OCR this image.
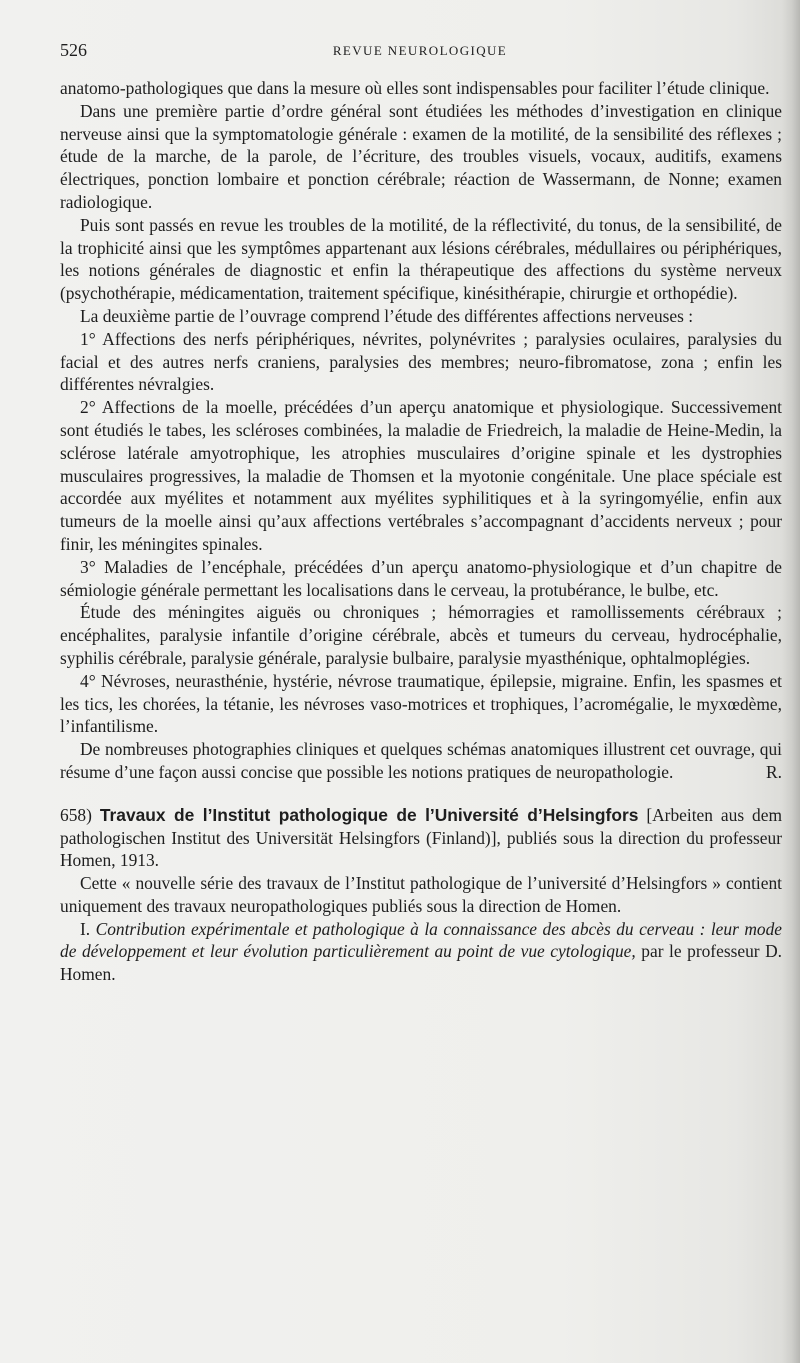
526	REVUE NEUROLOGIQUE

anatomo-pathologiques que dans la mesure où elles sont indispensables pour faciliter l’étude clinique.

Dans une première partie d’ordre général sont étudiées les méthodes d’investigation en clinique nerveuse ainsi que la symptomatologie générale : examen de la motilité, de la sensibilité des réflexes ; étude de la marche, de la parole, de l’écriture, des troubles visuels, vocaux, auditifs, examens électriques, ponction lombaire et ponction cérébrale; réaction de Wassermann, de Nonne; examen radiologique.

Puis sont passés en revue les troubles de la motilité, de la réflectivité, du tonus, de la sensibilité, de la trophicité ainsi que les symptômes appartenant aux lésions cérébrales, médullaires ou périphériques, les notions générales de diagnostic et enfin la thérapeutique des affections du système nerveux (psychothérapie, médicamentation, traitement spécifique, kinésithérapie, chirurgie et orthopédie).

La deuxième partie de l’ouvrage comprend l’étude des différentes affections nerveuses :

1° Affections des nerfs périphériques, névrites, polynévrites ; paralysies oculaires, paralysies du facial et des autres nerfs craniens, paralysies des membres; neuro-fibromatose, zona ; enfin les différentes névralgies.

2° Affections de la moelle, précédées d’un aperçu anatomique et physiologique. Successivement sont étudiés le tabes, les scléroses combinées, la maladie de Friedreich, la maladie de Heine-Medin, la sclérose latérale amyotrophique, les atrophies musculaires d’origine spinale et les dystrophies musculaires progressives, la maladie de Thomsen et la myotonie congénitale. Une place spéciale est accordée aux myélites et notamment aux myélites syphilitiques et à la syringomyélie, enfin aux tumeurs de la moelle ainsi qu’aux affections vertébrales s’accompagnant d’accidents nerveux ; pour finir, les méningites spinales.

3° Maladies de l’encéphale, précédées d’un aperçu anatomo-physiologique et d’un chapitre de sémiologie générale permettant les localisations dans le cerveau, la protubérance, le bulbe, etc.

Étude des méningites aiguës ou chroniques ; hémorragies et ramollissements cérébraux ; encéphalites, paralysie infantile d’origine cérébrale, abcès et tumeurs du cerveau, hydrocéphalie, syphilis cérébrale, paralysie générale, paralysie bulbaire, paralysie myasthénique, ophtalmoplégies.

4° Névroses, neurasthénie, hystérie, névrose traumatique, épilepsie, migraine. Enfin, les spasmes et les tics, les chorées, la tétanie, les névroses vaso-motrices et trophiques, l’acromégalie, le myxœdème, l’infantilisme.

De nombreuses photographies cliniques et quelques schémas anatomiques illustrent cet ouvrage, qui résume d’une façon aussi concise que possible les notions pratiques de neuropathologie.	R.

658) Travaux de l’Institut pathologique de l’Université d’Helsingfors [Arbeiten aus dem pathologischen Institut des Universität Helsingfors (Finland)], publiés sous la direction du professeur Homen, 1913.

Cette « nouvelle série des travaux de l’Institut pathologique de l’université d’Helsingfors » contient uniquement des travaux neuropathologiques publiés sous la direction de Homen.

I. Contribution expérimentale et pathologique à la connaissance des abcès du cerveau : leur mode de développement et leur évolution particulièrement au point de vue cytologique, par le professeur D. Homen.
